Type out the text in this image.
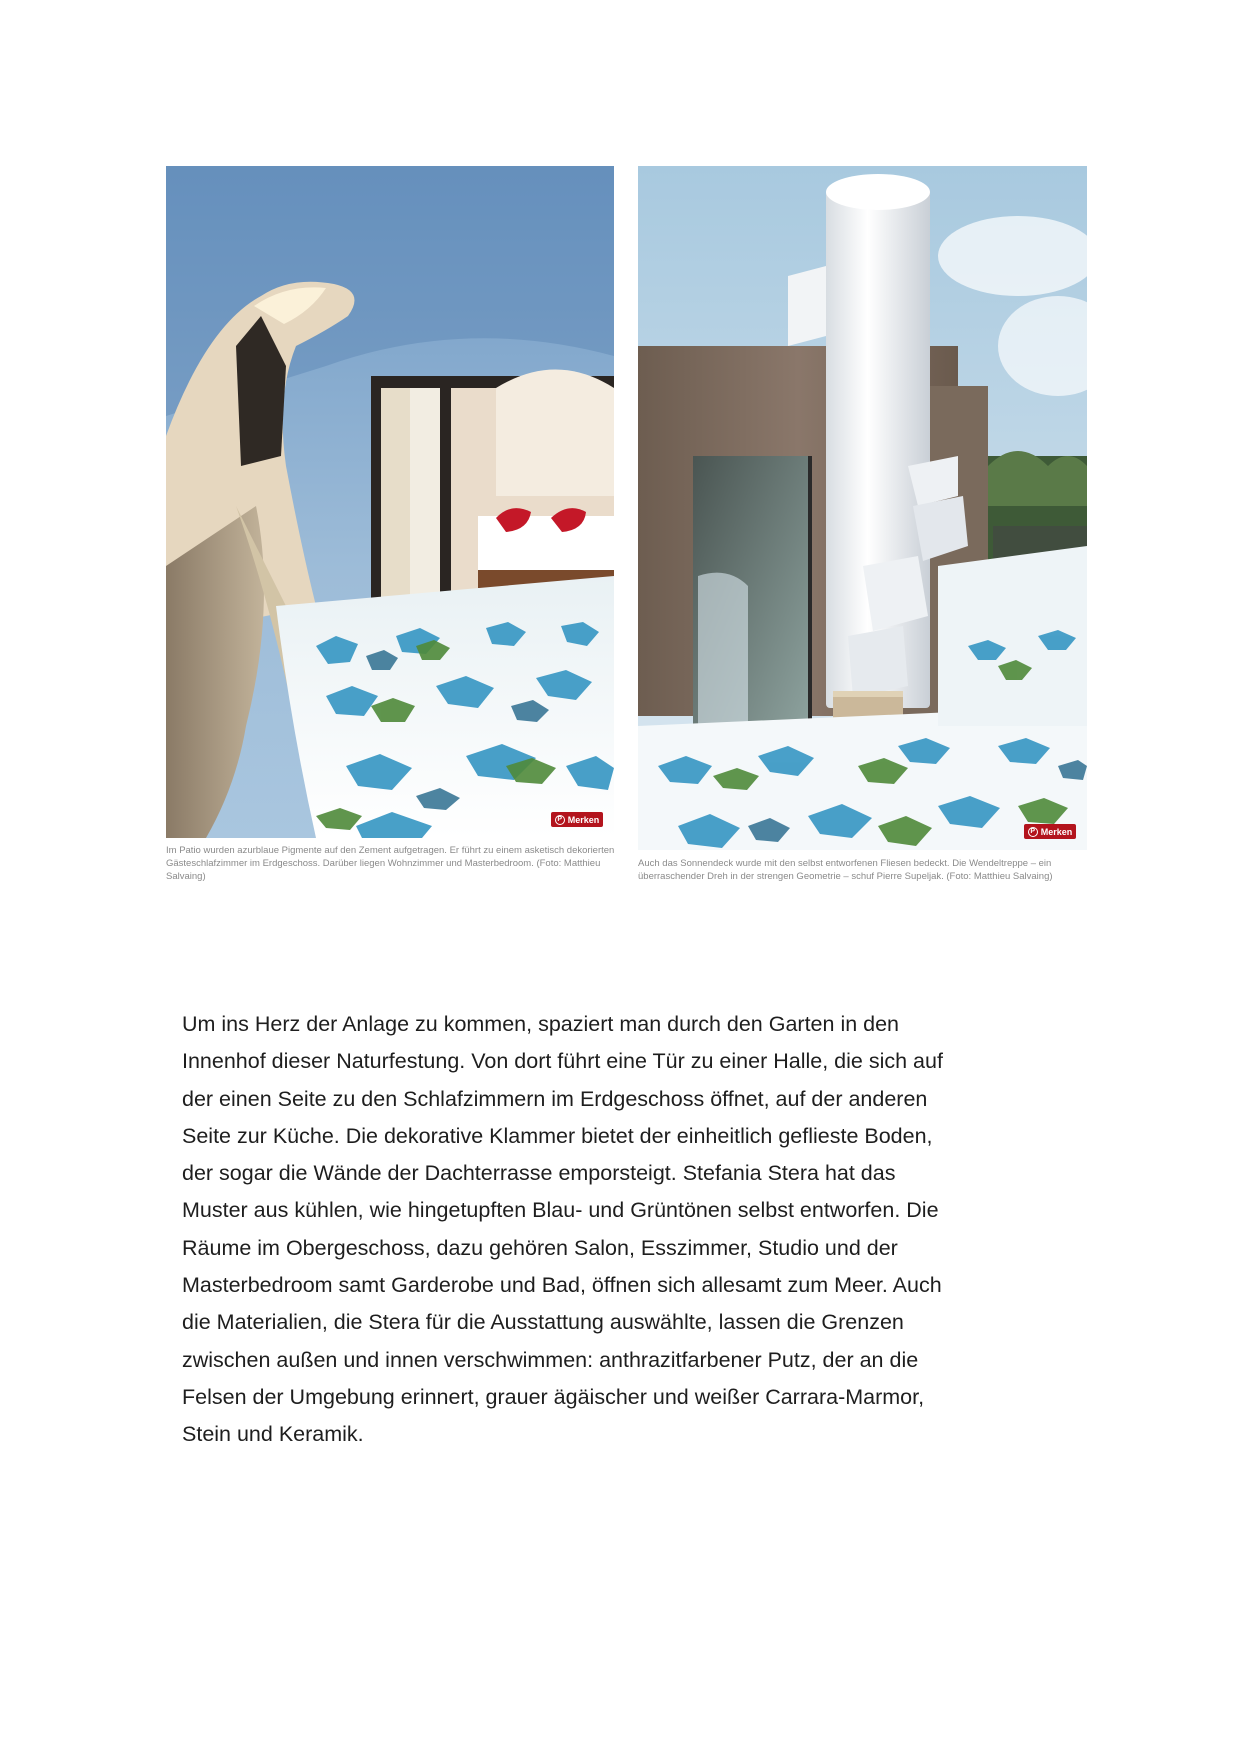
P Merken
Im Patio wurden azurblaue Pigmente auf den Zement aufgetragen. Er führt zu einem asketisch dekorierten Gästeschlafzimmer im Erdgeschoss. Darüber liegen Wohnzimmer und Masterbedroom. (Foto: Matthieu Salvaing)
P Merken
Auch das Sonnendeck wurde mit den selbst entworfenen Fliesen bedeckt. Die Wendeltreppe – ein überraschender Dreh in der strengen Geometrie – schuf Pierre Supeljak. (Foto: Matthieu Salvaing)
Um ins Herz der Anlage zu kommen, spaziert man durch den Garten in den
Innenhof dieser Naturfestung. Von dort führt eine Tür zu einer Halle, die sich auf
der einen Seite zu den Schlafzimmern im Erdgeschoss öffnet, auf der anderen
Seite zur Küche. Die dekorative Klammer bietet der einheitlich geflieste Boden,
der sogar die Wände der Dachterrasse emporsteigt. Stefania Stera hat das
Muster aus kühlen, wie hingetupften Blau- und Grüntönen selbst entworfen. Die
Räume im Obergeschoss, dazu gehören Salon, Esszimmer, Studio und der
Masterbedroom samt Garderobe und Bad, öffnen sich allesamt zum Meer. Auch
die Materialien, die Stera für die Ausstattung auswählte, lassen die Grenzen
zwischen außen und innen verschwimmen: anthrazitfarbener Putz, der an die
Felsen der Umgebung erinnert, grauer ägäischer und weißer Carrara-Marmor,
Stein und Keramik.
